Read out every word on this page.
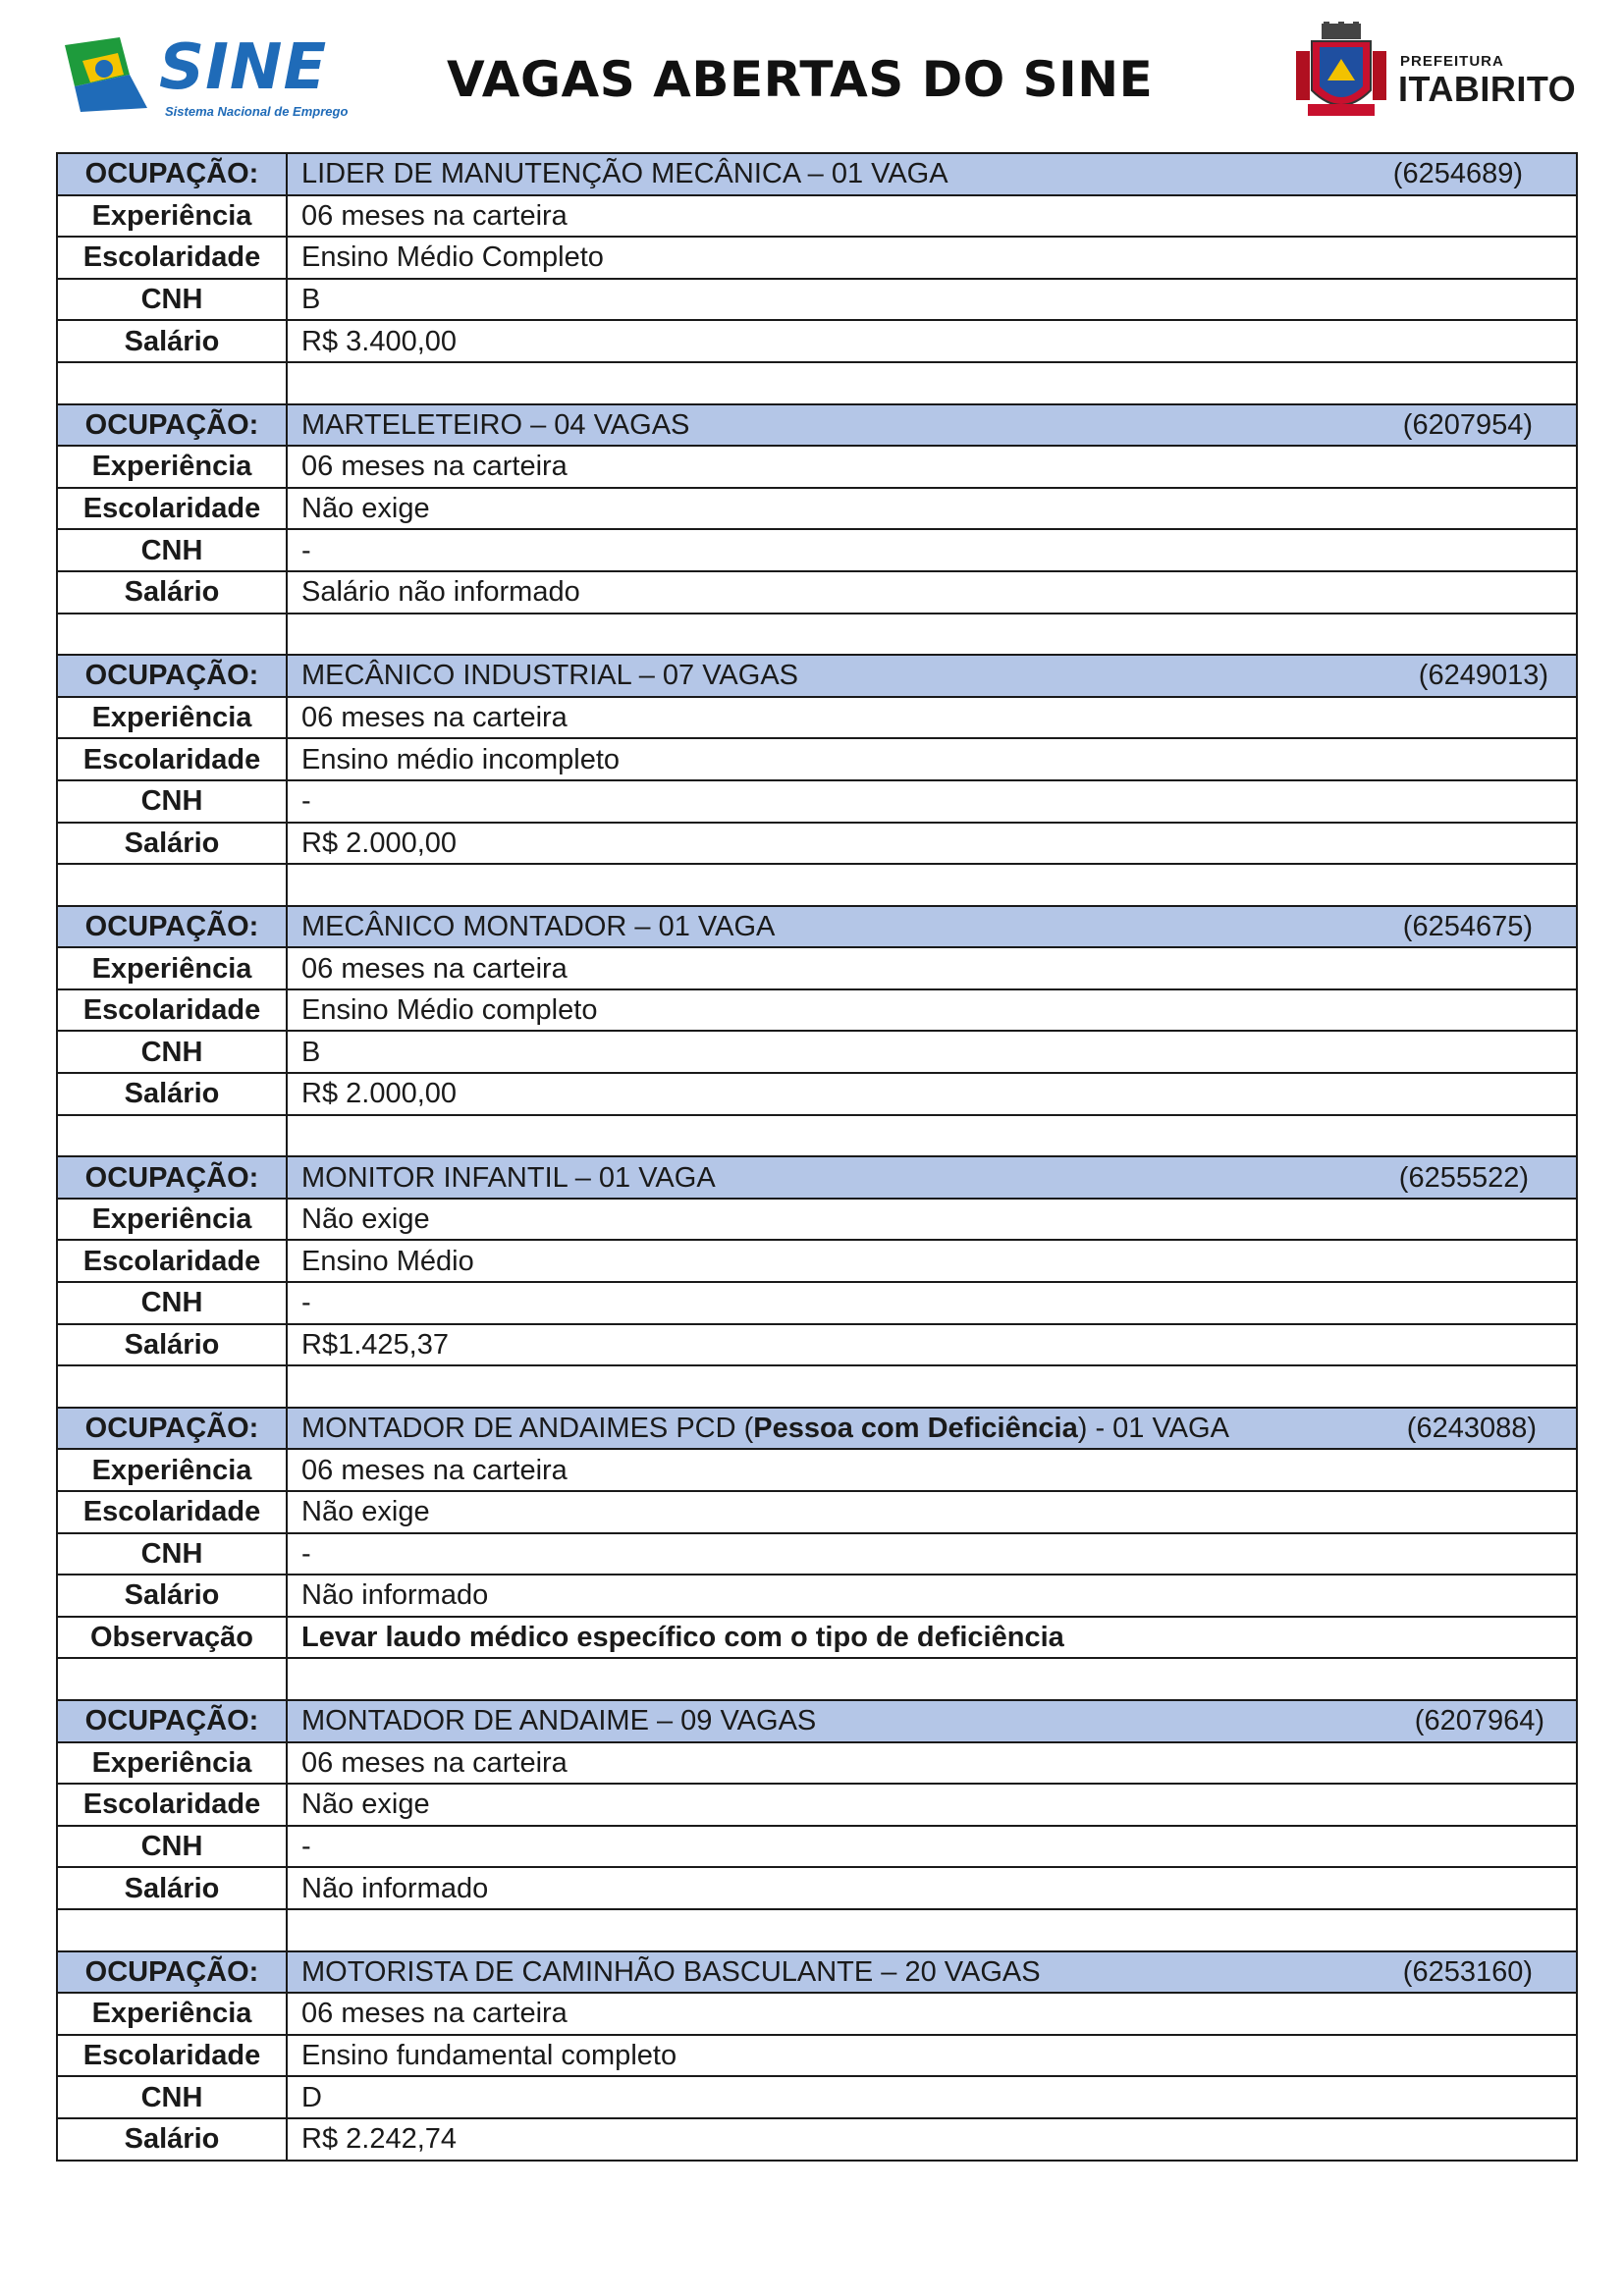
SINE
Sistema Nacional de Emprego
VAGAS ABERTAS DO SINE	PREFEITURA
ITABIRITO
OCUPAÇÃO:	LIDER DE MANUTENÇÃO MECÂNICA – 01 VAGA (6254689)

Experiência	06 meses na carteira
Escolaridade	Ensino Médio Completo
CNH	B
Salário	R$ 3.400,00

OCUPAÇÃO:	MARTELETEIRO – 04 VAGAS (6207954)

Experiência	06 meses na carteira
Escolaridade	Não exige
CNH	-
Salário	Salário não informado

OCUPAÇÃO:	MECÂNICO INDUSTRIAL – 07 VAGAS (6249013)

Experiência	06 meses na carteira
Escolaridade	Ensino médio incompleto
CNH	-
Salário	R$ 2.000,00

OCUPAÇÃO:	MECÂNICO MONTADOR – 01 VAGA (6254675)

Experiência	06 meses na carteira
Escolaridade	Ensino Médio completo
CNH	B
Salário	R$ 2.000,00

OCUPAÇÃO:	MONITOR INFANTIL – 01 VAGA (6255522)

Experiência	Não exige
Escolaridade	Ensino Médio
CNH	-
Salário	R$1.425,37

OCUPAÇÃO:	MONTADOR DE ANDAIMES PCD (Pessoa com Deficiência) - 01 VAGA (6243088)

Experiência	06 meses na carteira
Escolaridade	Não exige
CNH	-
Salário	Não informado
Observação	Levar laudo médico específico com o tipo de deficiência

OCUPAÇÃO:	MONTADOR DE ANDAIME – 09 VAGAS (6207964)

Experiência	06 meses na carteira
Escolaridade	Não exige
CNH	-
Salário	Não informado

OCUPAÇÃO:	MOTORISTA DE CAMINHÃO BASCULANTE – 20 VAGAS (6253160)

Experiência	06 meses na carteira
Escolaridade	Ensino fundamental completo
CNH	D
Salário	R$ 2.242,74
